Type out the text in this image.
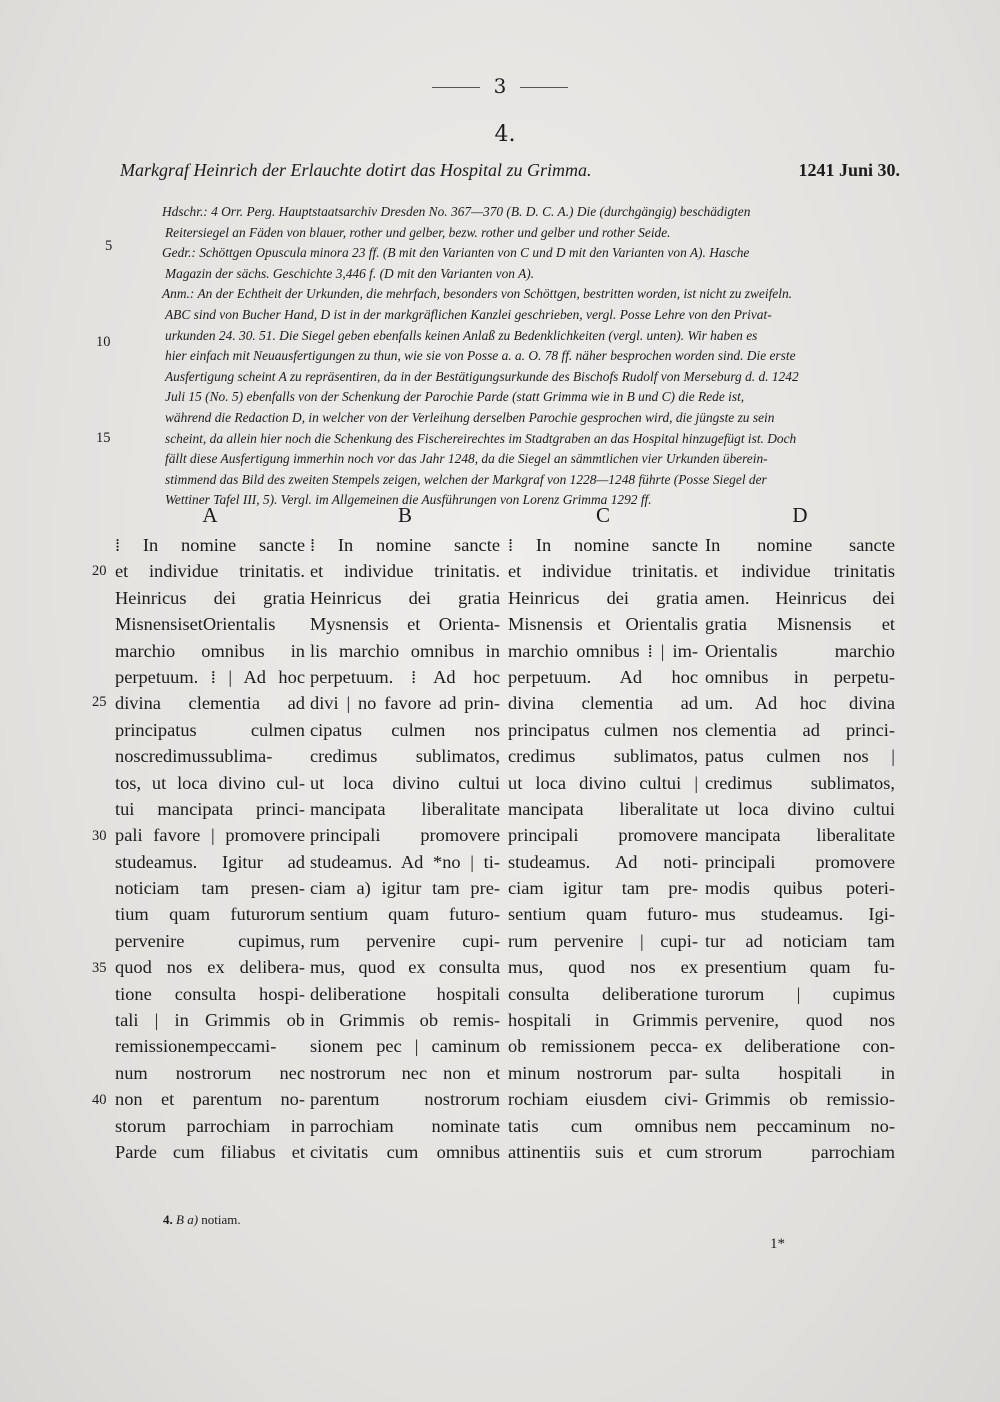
3
4.
Markgraf Heinrich der Erlauchte dotirt das Hospital zu Grimma.	1241 Juni 30.
Hdschr.: 4 Orr. Perg. Hauptstaatsarchiv Dresden No. 367—370 (B. D. C. A.) Die (durchgängig) beschädigten
Reitersiegel an Fäden von blauer, rother und gelber, bezw. rother und gelber und rother Seide.
Gedr.: Schöttgen Opuscula minora 23 ff. (B mit den Varianten von C und D mit den Varianten von A). Hasche
Magazin der sächs. Geschichte 3,446 f. (D mit den Varianten von A).
Anm.: An der Echtheit der Urkunden, die mehrfach, besonders von Schöttgen, bestritten worden, ist nicht zu zweifeln.
ABC sind von Bucher Hand, D ist in der markgräflichen Kanzlei geschrieben, vergl. Posse Lehre von den Privat-
urkunden 24. 30. 51. Die Siegel geben ebenfalls keinen Anlaß zu Bedenklichkeiten (vergl. unten). Wir haben es
hier einfach mit Neuausfertigungen zu thun, wie sie von Posse a. a. O. 78 ff. näher besprochen worden sind. Die erste
Ausfertigung scheint A zu repräsentiren, da in der Bestätigungsurkunde des Bischofs Rudolf von Merseburg d. d. 1242
Juli 15 (No. 5) ebenfalls von der Schenkung der Parochie Parde (statt Grimma wie in B und C) die Rede ist,
während die Redaction D, in welcher von der Verleihung derselben Parochie gesprochen wird, die jüngste zu sein
scheint, da allein hier noch die Schenkung des Fischereirechtes im Stadtgraben an das Hospital hinzugefügt ist. Doch
fällt diese Ausfertigung immerhin noch vor das Jahr 1248, da die Siegel an sämmtlichen vier Urkunden überein-
stimmend das Bild des zweiten Stempels zeigen, welchen der Markgraf von 1228—1248 führte (Posse Siegel der
Wettiner Tafel III, 5). Vergl. im Allgemeinen die Ausführungen von Lorenz Grimma 1292 ff.
5
10
15
20
25
30
35
40
A
⁞ In nomine sancte
et individue trinitatis.
Heinricus dei gratia
MisnensisetOrientalis
marchio omnibus in
perpetuum. ⁞ | Ad hoc
divina clementia ad
principatus culmen
noscredimussublima-
tos, ut loca divino cul-
tui mancipata princi-
pali favore | promovere
studeamus. Igitur ad
noticiam tam presen-
tium quam futurorum
pervenire cupimus,
quod nos ex delibera-
tione consulta hospi-
tali | in Grimmis ob
remissionempeccami-
num nostrorum nec
non et parentum no-
storum parrochiam in
Parde cum filiabus et
B
⁞ In nomine sancte
et individue trinitatis.
Heinricus dei gratia
Mysnensis et Orienta-
lis marchio omnibus in
perpetuum. ⁞ Ad hoc
divi | no favore ad prin-
cipatus culmen nos
credimus sublimatos,
ut loca divino cultui
mancipata liberalitate
principali promovere
studeamus. Ad *no | ti-
ciam a) igitur tam pre-
sentium quam futuro-
rum pervenire cupi-
mus, quod ex consulta
deliberatione hospitali
in Grimmis ob remis-
sionem pec | caminum
nostrorum nec non et
parentum nostrorum
parrochiam nominate
civitatis cum omnibus
C
⁞ In nomine sancte
et individue trinitatis.
Heinricus dei gratia
Misnensis et Orientalis
marchio omnibus ⁞ | im-
perpetuum. Ad hoc
divina clementia ad
principatus culmen nos
credimus sublimatos,
ut loca divino cultui |
mancipata liberalitate
principali promovere
studeamus. Ad noti-
ciam igitur tam pre-
sentium quam futuro-
rum pervenire | cupi-
mus, quod nos ex
consulta deliberatione
hospitali in Grimmis
ob remissionem pecca-
minum nostrorum par-
rochiam eiusdem civi-
tatis cum omnibus
attinentiis suis et cum
D
In nomine sancte
et individue trinitatis
amen. Heinricus dei
gratia Misnensis et
Orientalis marchio
omnibus in perpetu-
um. Ad hoc divina
clementia ad princi-
patus culmen nos |
credimus sublimatos,
ut loca divino cultui
mancipata liberalitate
principali promovere
modis quibus poteri-
mus studeamus. Igi-
tur ad noticiam tam
presentium quam fu-
turorum | cupimus
pervenire, quod nos
ex deliberatione con-
sulta hospitali in
Grimmis ob remissio-
nem peccaminum no-
strorum parrochiam
4. B a) notiam.
1*
